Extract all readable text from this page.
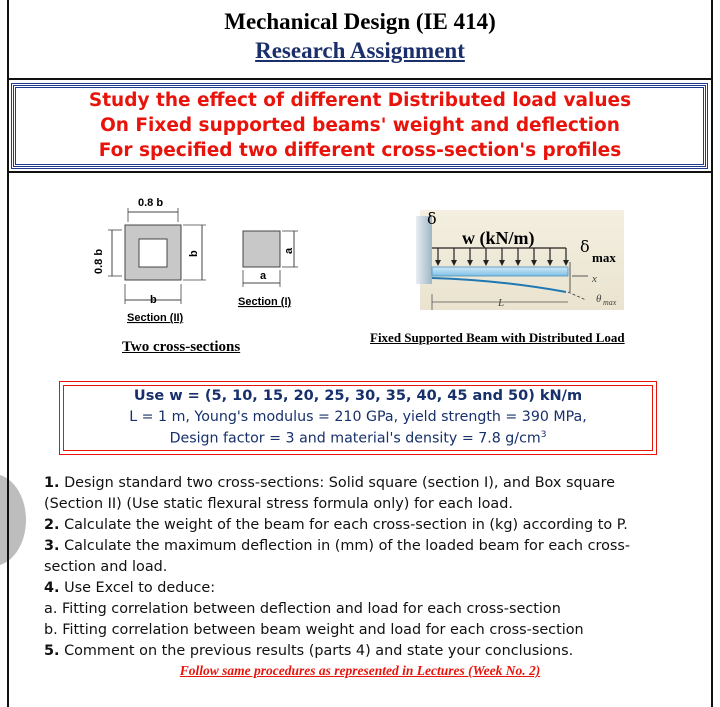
Mechanical Design (IE 414)
Research Assignment
Study the effect of different Distributed load values
On Fixed supported beams' weight and deflection
For specified two different cross-section's profiles
0.8 b
0.8 b	b
b
Section (II)
a
a
Section (I)
Two cross-sections
δ
w (kN/m)	δ
max
x
L	θ max
Fixed Supported Beam with Distributed Load
Use w = (5, 10, 15, 20, 25, 30, 35, 40, 45 and 50) kN/m
L = 1 m, Young's modulus = 210 GPa, yield strength = 390 MPa,
Design factor = 3 and material's density = 7.8 $g/cm^3$
1. Design standard two cross-sections: Solid square (section I), and Box square
(Section II) (Use static flexural stress formula only) for each load.
2. Calculate the weight of the beam for each cross-section in (kg) according to P.
3. Calculate the maximum deflection in (mm) of the loaded beam for each cross-
section and load.
4. Use Excel to deduce:
a. Fitting correlation between deflection and load for each cross-section
b. Fitting correlation between beam weight and load for each cross-section
5. Comment on the previous results (parts 4) and state your conclusions.
Follow same procedures as represented in Lectures (Week No. 2)
